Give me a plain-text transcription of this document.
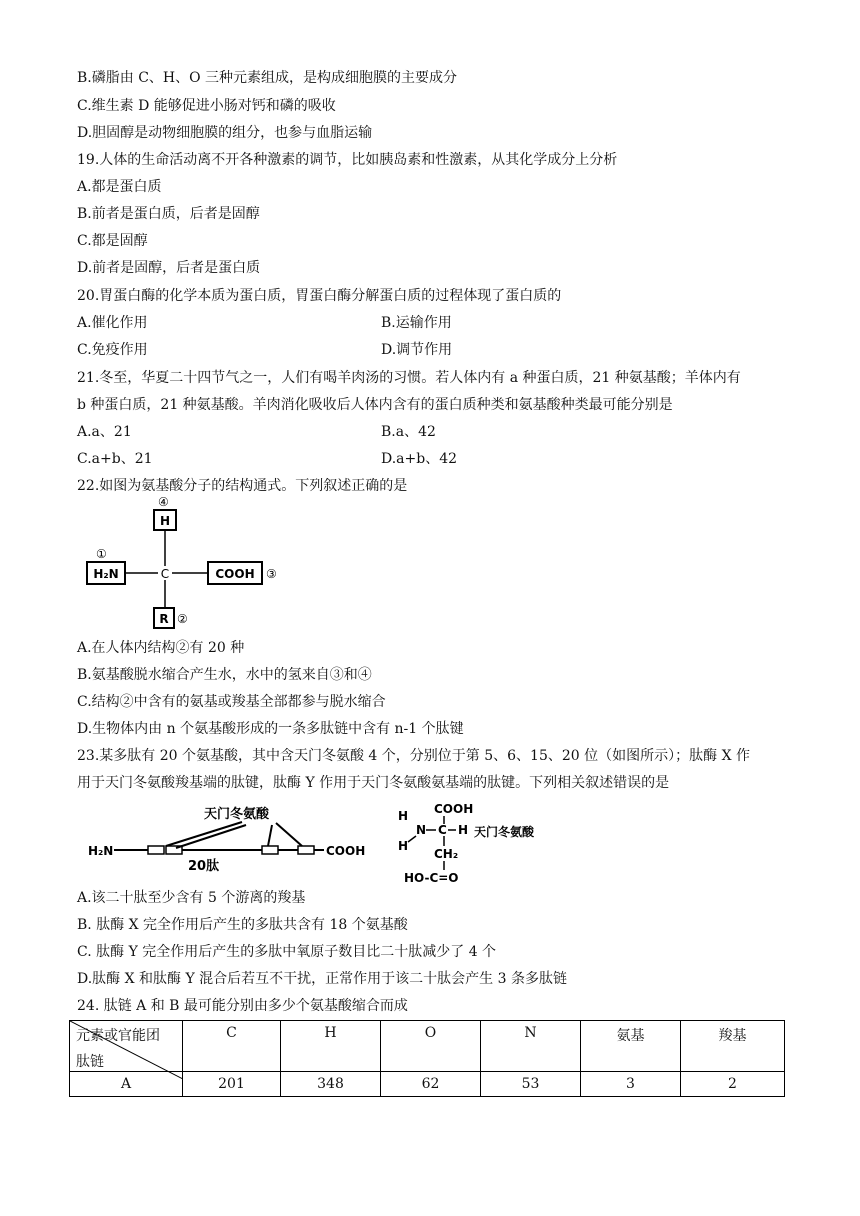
B.磷脂由 C、H、O 三种元素组成，是构成细胞膜的主要成分
C.维生素 D 能够促进小肠对钙和磷的吸收
D.胆固醇是动物细胞膜的组分，也参与血脂运输
19.人体的生命活动离不开各种激素的调节，比如胰岛素和性激素，从其化学成分上分析
A.都是蛋白质
B.前者是蛋白质，后者是固醇
C.都是固醇
D.前者是固醇，后者是蛋白质
20.胃蛋白酶的化学本质为蛋白质，胃蛋白酶分解蛋白质的过程体现了蛋白质的
A.催化作用	B.运输作用
C.免疫作用	D.调节作用
21.冬至，华夏二十四节气之一，人们有喝羊肉汤的习惯。若人体内有 a 种蛋白质，21 种氨基酸；羊体内有
b 种蛋白质，21 种氨基酸。羊肉消化吸收后人体内含有的蛋白质种类和氨基酸种类最可能分别是
A.a、21	B.a、42
C.a+b、21	D.a+b、42
22.如图为氨基酸分子的结构通式。下列叙述正确的是
④
H
①
H₂N	C	COOH ③
R ②
A.在人体内结构②有 20 种
B.氨基酸脱水缩合产生水，水中的氢来自③和④
C.结构②中含有的氨基或羧基全部都参与脱水缩合
D.生物体内由 n 个氨基酸形成的一条多肽链中含有 n-1 个肽键
23.某多肽有 20 个氨基酸，其中含天门冬氨酸 4 个，分别位于第 5、6、15、20 位（如图所示）；肽酶 X 作
用于天门冬氨酸羧基端的肽键，肽酶 Y 作用于天门冬氨酸氨基端的肽键。下列相关叙述错误的是
天门冬氨酸
H₂N	COOH
20肽
COOH
H
N C H 天门冬氨酸
H
CH₂
HO-C=O
A.该二十肽至少含有 5 个游离的羧基
B. 肽酶 X 完全作用后产生的多肽共含有 18 个氨基酸
C. 肽酶 Y 完全作用后产生的多肽中氧原子数目比二十肽减少了 4 个
D.肽酶 X 和肽酶 Y 混合后若互不干扰，正常作用于该二十肽会产生 3 条多肽链
24. 肽链 A 和 B 最可能分别由多少个氨基酸缩合而成
元素或官能团
肽链	C	H	O	N	氨基	羧基
A	201	348	62	53	3	2
